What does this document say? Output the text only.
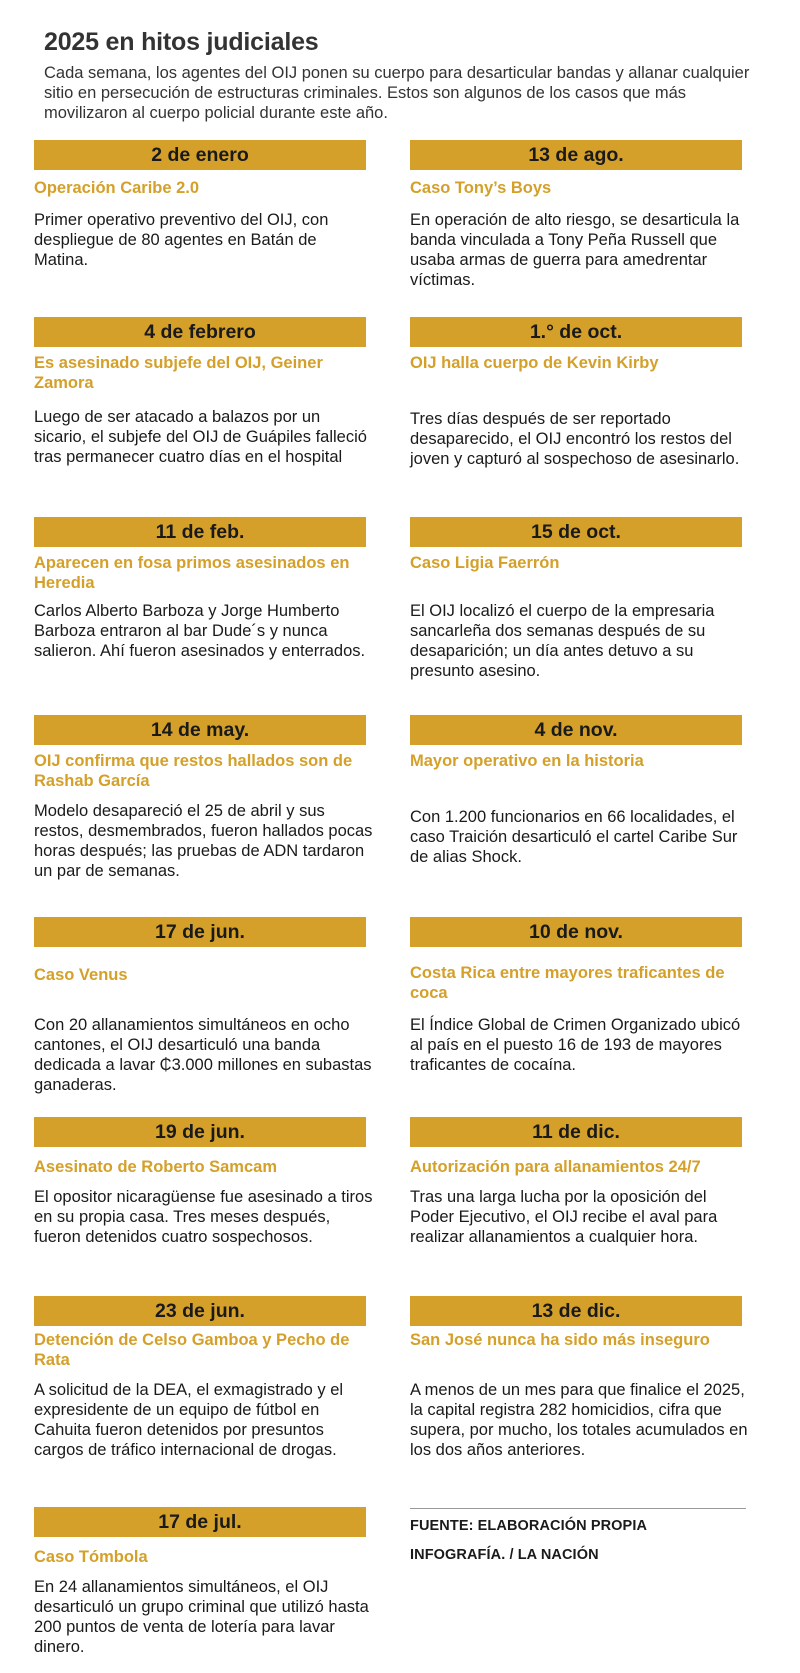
2025 en hitos judiciales

Cada semana, los agentes del OIJ ponen su cuerpo para desarticular bandas y allanar cualquier sitio en persecución de estructuras criminales. Estos son algunos de los casos que más movilizaron al cuerpo policial durante este año.

2 de enero
Operación Caribe 2.0
Primer operativo preventivo del OIJ, con despliegue de 80 agentes en Batán de Matina.
4 de febrero
Es asesinado subjefe del OIJ, Geiner Zamora
Luego de ser atacado a balazos por un sicario, el subjefe del OIJ de Guápiles falleció tras permanecer cuatro días en el hospital
11 de feb.
Aparecen en fosa primos asesinados en Heredia
Carlos Alberto Barboza y Jorge Humberto Barboza entraron al bar Dude´s y nunca salieron. Ahí fueron asesinados y enterrados.
14 de may.
OIJ confirma que restos hallados son de Rashab García
Modelo desapareció el 25 de abril y sus restos, desmembrados, fueron hallados pocas horas después; las pruebas de ADN tardaron un par de semanas.
17 de jun.
Caso Venus
Con 20 allanamientos simultáneos en ocho cantones, el OIJ desarticuló una banda dedicada a lavar ₵3.000 millones en subastas ganaderas.
19 de jun.
Asesinato de Roberto Samcam
El opositor nicaragüense fue asesinado a tiros en su propia casa. Tres meses después, fueron detenidos cuatro sospechosos.
23 de jun.
Detención de Celso Gamboa y Pecho de Rata
A solicitud de la DEA, el exmagistrado y el expresidente de un equipo de fútbol en Cahuita fueron detenidos por presuntos cargos de tráfico internacional de drogas.
17 de jul.
Caso Tómbola
En 24 allanamientos simultáneos, el OIJ desarticuló un grupo criminal que utilizó hasta 200 puntos de venta de lotería para lavar dinero.
13 de ago.
Caso Tony’s Boys
En operación de alto riesgo, se desarticula la banda vinculada a Tony Peña Russell que usaba armas de guerra para amedrentar víctimas.
1.° de oct.
OIJ halla cuerpo de Kevin Kirby
Tres días después de ser reportado desaparecido, el OIJ encontró los restos del joven y capturó al sospechoso de asesinarlo.
15 de oct.
Caso Ligia Faerrón
El OIJ localizó el cuerpo de la empresaria sancarleña dos semanas después de su desaparición; un día antes detuvo a su presunto asesino.
4 de nov.
Mayor operativo en la historia
Con 1.200 funcionarios en 66 localidades, el caso Traición desarticuló el cartel Caribe Sur de alias Shock.
10 de nov.
Costa Rica entre mayores traficantes de coca
El Índice Global de Crimen Organizado ubicó al país en el puesto 16 de 193 de mayores traficantes de cocaína.
11 de dic.
Autorización para allanamientos 24/7
Tras una larga lucha por la oposición del Poder Ejecutivo, el OIJ recibe el aval para realizar allanamientos a cualquier hora.
13 de dic.
San José nunca ha sido más inseguro
A menos de un mes para que finalice el 2025, la capital registra 282 homicidios, cifra que supera, por mucho, los totales acumulados en los dos años anteriores.
FUENTE: ELABORACIÓN PROPIA
INFOGRAFÍA. / LA NACIÓN
